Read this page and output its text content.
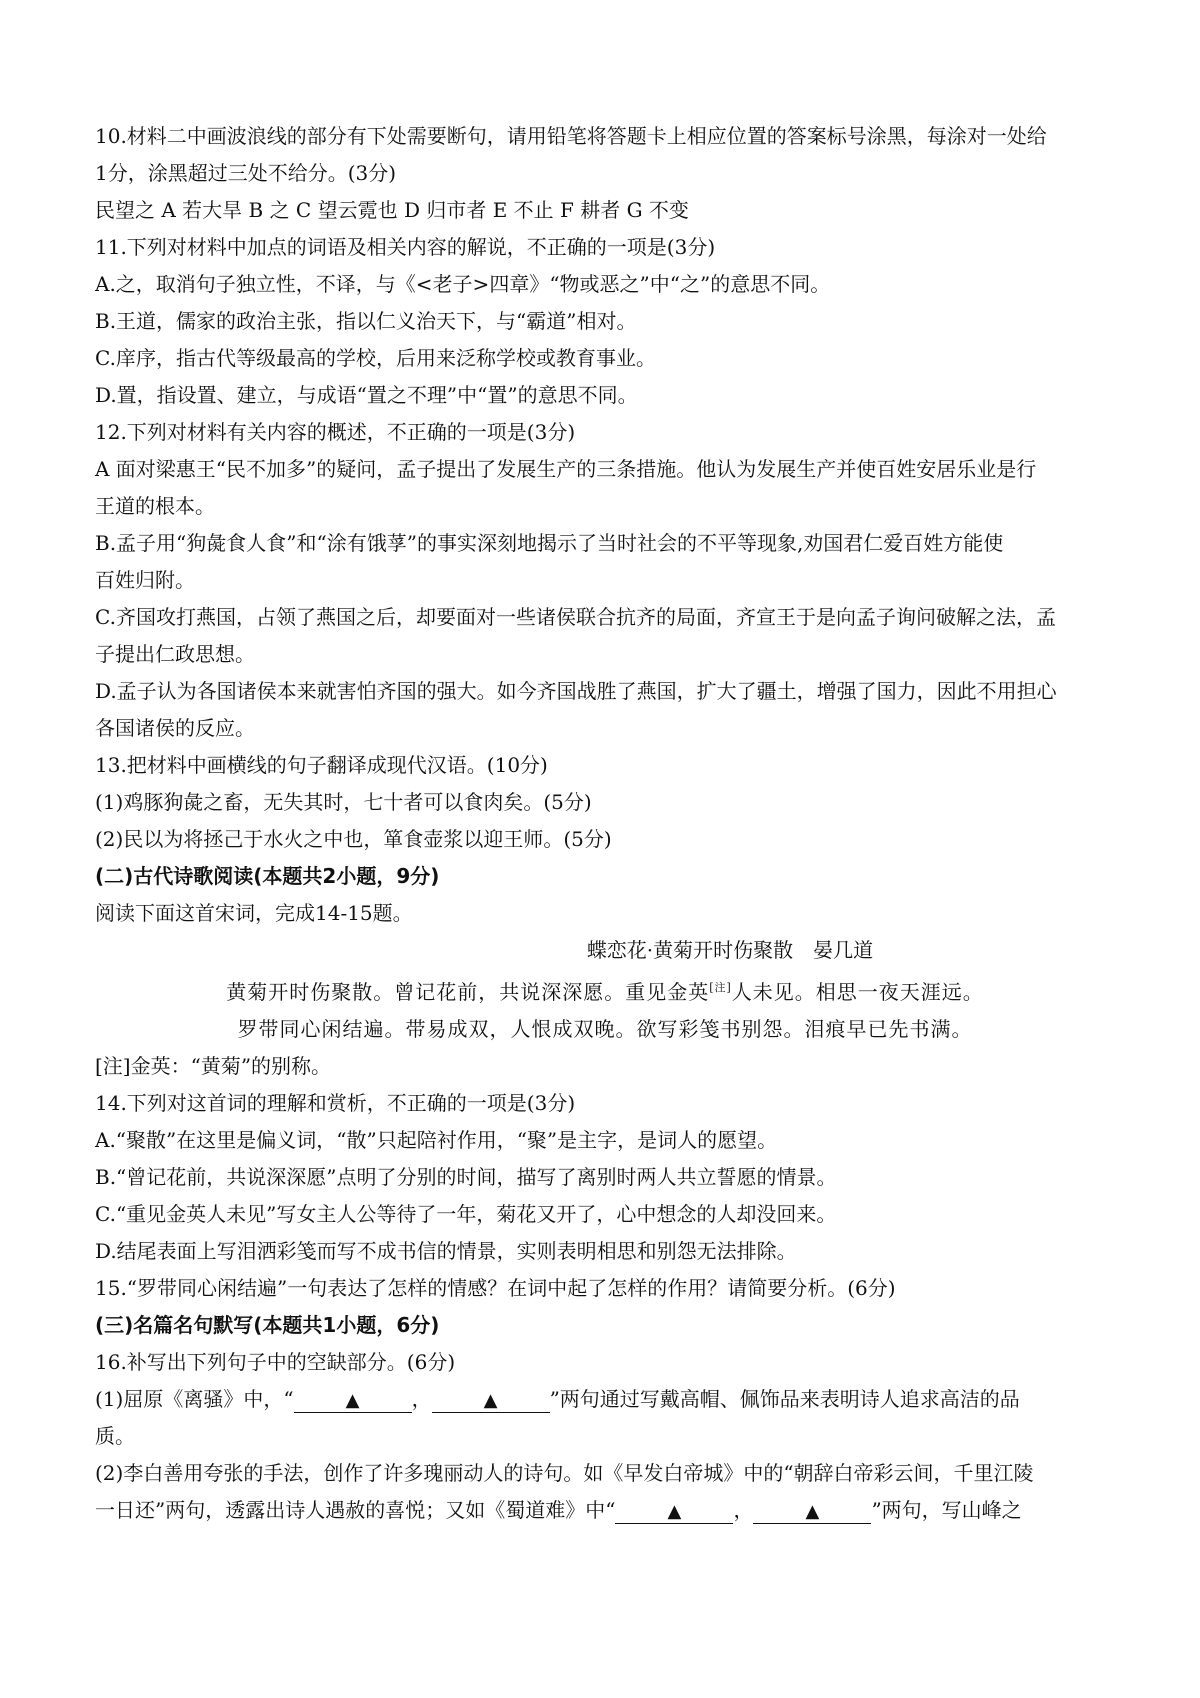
10.材料二中画波浪线的部分有下处需要断句，请用铅笔将答题卡上相应位置的答案标号涂黑，每涂对一处给

1分，涂黑超过三处不给分。(3分)

民望之 A 若大旱 B 之 C 望云霓也 D 归市者 E 不止 F 耕者 G 不变

11.下列对材料中加点的词语及相关内容的解说，不正确的一项是(3分)

A.之，取消句子独立性，不译，与《<老子>四章》“物或恶之”中“之”的意思不同。

B.王道，儒家的政治主张，指以仁义治天下，与“霸道”相对。

C.庠序，指古代等级最高的学校，后用来泛称学校或教育事业。

D.置，指设置、建立，与成语“置之不理”中“置”的意思不同。

12.下列对材料有关内容的概述，不正确的一项是(3分)

A 面对梁惠王“民不加多”的疑问，孟子提出了发展生产的三条措施。他认为发展生产并使百姓安居乐业是行

王道的根本。

B.孟子用“狗彘食人食”和“涂有饿莩”的事实深刻地揭示了当时社会的不平等现象,劝国君仁爱百姓方能使

百姓归附。

C.齐国攻打燕国，占领了燕国之后，却要面对一些诸侯联合抗齐的局面，齐宣王于是向孟子询问破解之法，孟

子提出仁政思想。

D.孟子认为各国诸侯本来就害怕齐国的强大。如今齐国战胜了燕国，扩大了疆土，增强了国力，因此不用担心

各国诸侯的反应。

13.把材料中画横线的句子翻译成现代汉语。(10分)

(1)鸡豚狗彘之畜，无失其时，七十者可以食肉矣。(5分)

(2)民以为将拯己于水火之中也，箪食壶浆以迎王师。(5分)

(二)古代诗歌阅读(本题共2小题，9分)

阅读下面这首宋词，完成14-15题。

蝶恋花·黄菊开时伤聚散　晏几道

黄菊开时伤聚散。曾记花前，共说深深愿。重见金英[注]人未见。相思一夜天涯远。

罗带同心闲结遍。带易成双，人恨成双晚。欲写彩笺书别怨。泪痕早已先书满。

[注]金英：“黄菊”的别称。

14.下列对这首词的理解和赏析，不正确的一项是(3分)

A.“聚散”在这里是偏义词，“散”只起陪衬作用，“聚”是主字，是词人的愿望。

B.“曾记花前，共说深深愿”点明了分别的时间，描写了离别时两人共立誓愿的情景。

C.“重见金英人未见”写女主人公等待了一年，菊花又开了，心中想念的人却没回来。

D.结尾表面上写泪洒彩笺而写不成书信的情景，实则表明相思和别怨无法排除。

15.“罗带同心闲结遍”一句表达了怎样的情感？在词中起了怎样的作用？请简要分析。(6分)

(三)名篇名句默写(本题共1小题，6分)

16.补写出下列句子中的空缺部分。(6分)

(1)屈原《离骚》中，“	▲	，	▲	”两句通过写戴高帽、佩饰品来表明诗人追求高洁的品

质。

(2)李白善用夸张的手法，创作了许多瑰丽动人的诗句。如《早发白帝城》中的“朝辞白帝彩云间，千里江陵

一日还”两句，透露出诗人遇赦的喜悦；又如《蜀道难》中“	▲	，	▲	”两句，写山峰之
